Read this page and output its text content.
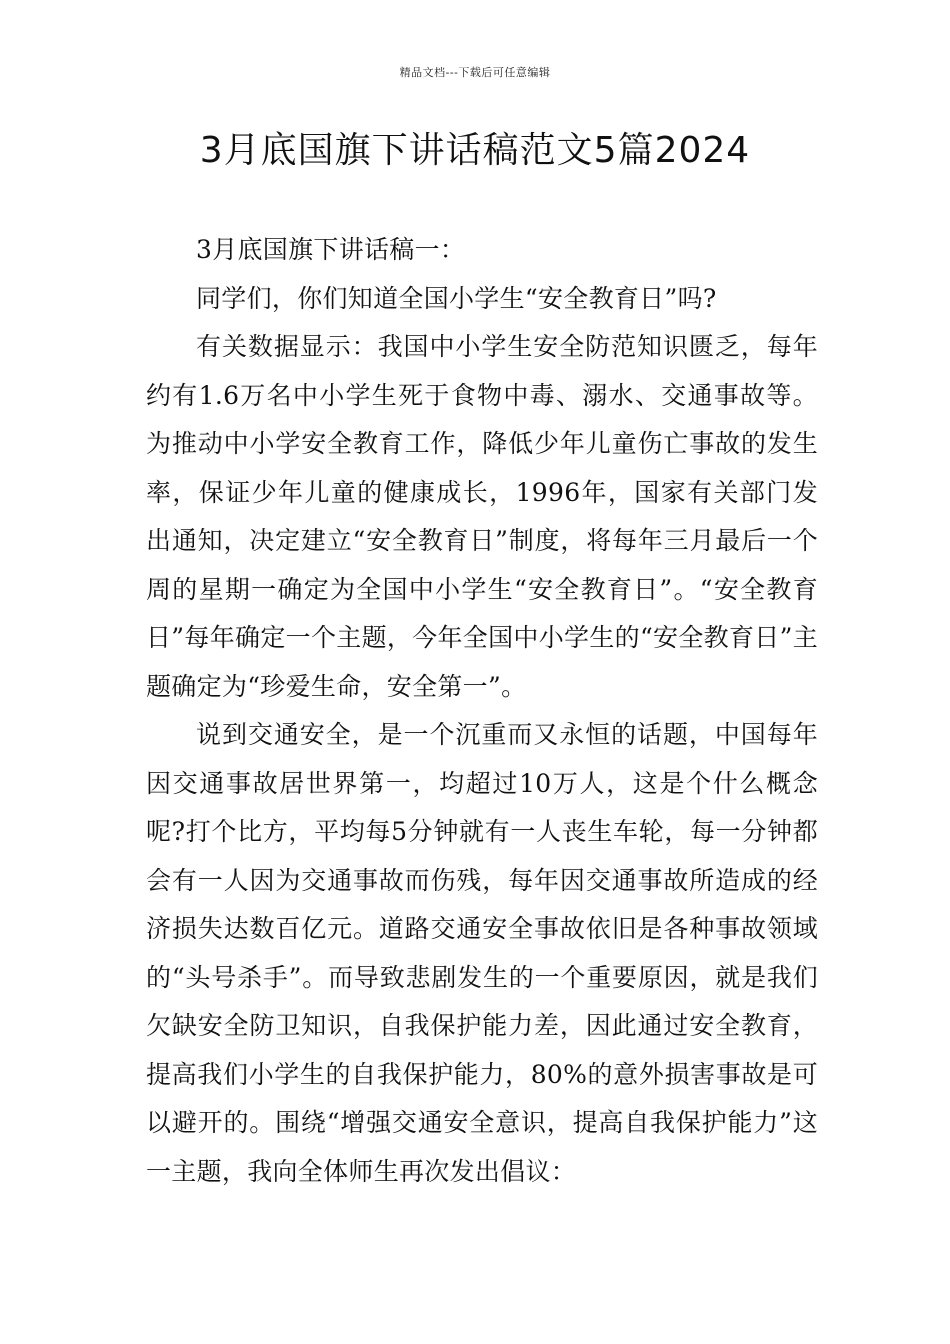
精品文档---下载后可任意编辑
3月底国旗下讲话稿范文5篇2024

3月底国旗下讲话稿一：

同学们，你们知道全国小学生“安全教育日”吗?

有关数据显示：我国中小学生安全防范知识匮乏，每年约有1.6万名中小学生死于食物中毒、溺水、交通事故等。为推动中小学安全教育工作，降低少年儿童伤亡事故的发生率，保证少年儿童的健康成长，1996年，国家有关部门发出通知，决定建立“安全教育日”制度，将每年三月最后一个周的星期一确定为全国中小学生“安全教育日”。“安全教育日”每年确定一个主题，今年全国中小学生的“安全教育日”主题确定为“珍爱生命，安全第一”。

说到交通安全，是一个沉重而又永恒的话题，中国每年因交通事故居世界第一，均超过10万人，这是个什么概念呢?打个比方，平均每5分钟就有一人丧生车轮，每一分钟都会有一人因为交通事故而伤残，每年因交通事故所造成的经济损失达数百亿元。道路交通安全事故依旧是各种事故领域的“头号杀手”。而导致悲剧发生的一个重要原因，就是我们欠缺安全防卫知识，自我保护能力差，因此通过安全教育，提高我们小学生的自我保护能力，80%的意外损害事故是可以避开的。围绕“增强交通安全意识，提高自我保护能力”这一主题，我向全体师生再次发出倡议：
